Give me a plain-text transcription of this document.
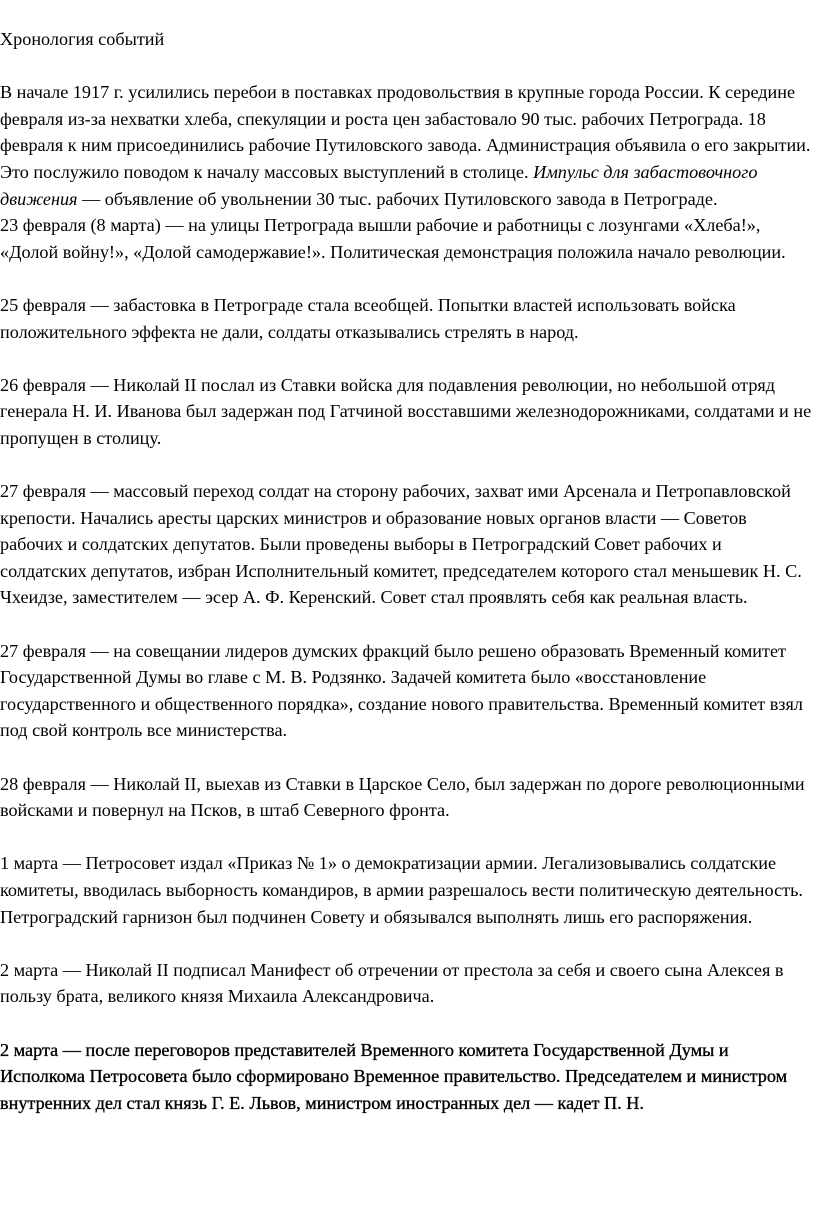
Хронология событий

В начале 1917 г. усилились перебои в поставках продовольствия в крупные города России. К середине февраля из-за нехватки хлеба, спекуляции и роста цен забастовало 90 тыс. рабочих Петрограда. 18 февраля к ним присоединились рабочие Путиловского завода. Администрация объявила о его закрытии. Это послужило поводом к началу массовых выступлений в столице. Импульс для забастовочного движения — объявление об увольнении 30 тыс. рабочих Путиловского завода в Петрограде.

23 февраля (8 марта) — на улицы Петрограда вышли рабочие и работницы с лозунгами «Хлеба!», «Долой войну!», «Долой самодержавие!». Политическая демонстрация положила начало революции.

25 февраля — забастовка в Петрограде стала всеобщей. Попытки властей использовать войска положительного эффекта не дали, солдаты отказывались стрелять в народ.

26 февраля — Николай II послал из Ставки войска для подавления революции, но небольшой отряд генерала Н. И. Иванова был задержан под Гатчиной восставшими железнодорожниками, солдатами и не пропущен в столицу.

27 февраля — массовый переход солдат на сторону рабочих, захват ими Арсенала и Петропавловской крепости. Начались аресты царских министров и образование новых органов власти — Советов рабочих и солдатских депутатов. Были проведены выборы в Петроградский Совет рабочих и солдатских депутатов, избран Исполнительный комитет, председателем которого стал меньшевик Н. С. Чхеидзе, заместителем — эсер А. Ф. Керенский. Совет стал проявлять себя как реальная власть.

27 февраля — на совещании лидеров думских фракций было решено образовать Временный комитет Государственной Думы во главе с М. В. Родзянко. Задачей комитета было «восстановление государственного и общественного порядка», создание нового правительства. Временный комитет взял под свой контроль все министерства.

28 февраля — Николай II, выехав из Ставки в Царское Село, был задержан по дороге революционными войсками и повернул на Псков, в штаб Северного фронта.

1 марта — Петросовет издал «Приказ № 1» о демократизации армии. Легализовывались солдатские комитеты, вводилась выборность командиров, в армии разрешалось вести политическую деятельность. Петроградский гарнизон был подчинен Совету и обязывался выполнять лишь его распоряжения.

2 марта — Николай II подписал Манифест об отречении от престола за себя и своего сына Алексея в пользу брата, великого князя Михаила Александровича.

2 марта — после переговоров представителей Временного комитета Государственной Думы и Исполкома Петросовета было сформировано Временное правительство. Председателем и министром внутренних дел стал князь Г. Е. Львов, министром иностранных дел — кадет П. Н.
